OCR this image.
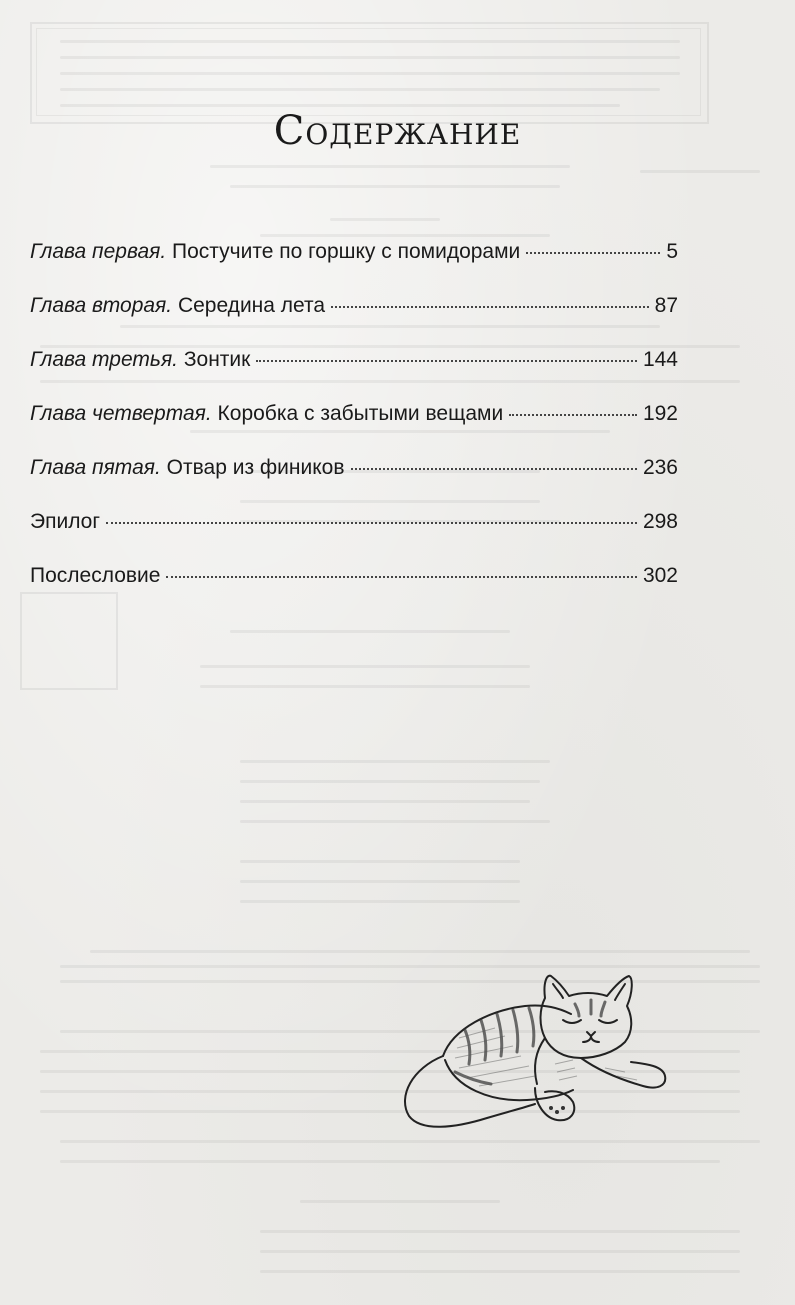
Содержание
Глава первая. Постучите по горшку с помидорами	5
Глава вторая. Середина лета	87
Глава третья. Зонтик	144
Глава четвертая. Коробка с забытыми вещами	192
Глава пятая. Отвар из фиников	236
Эпилог	298
Послесловие	302
